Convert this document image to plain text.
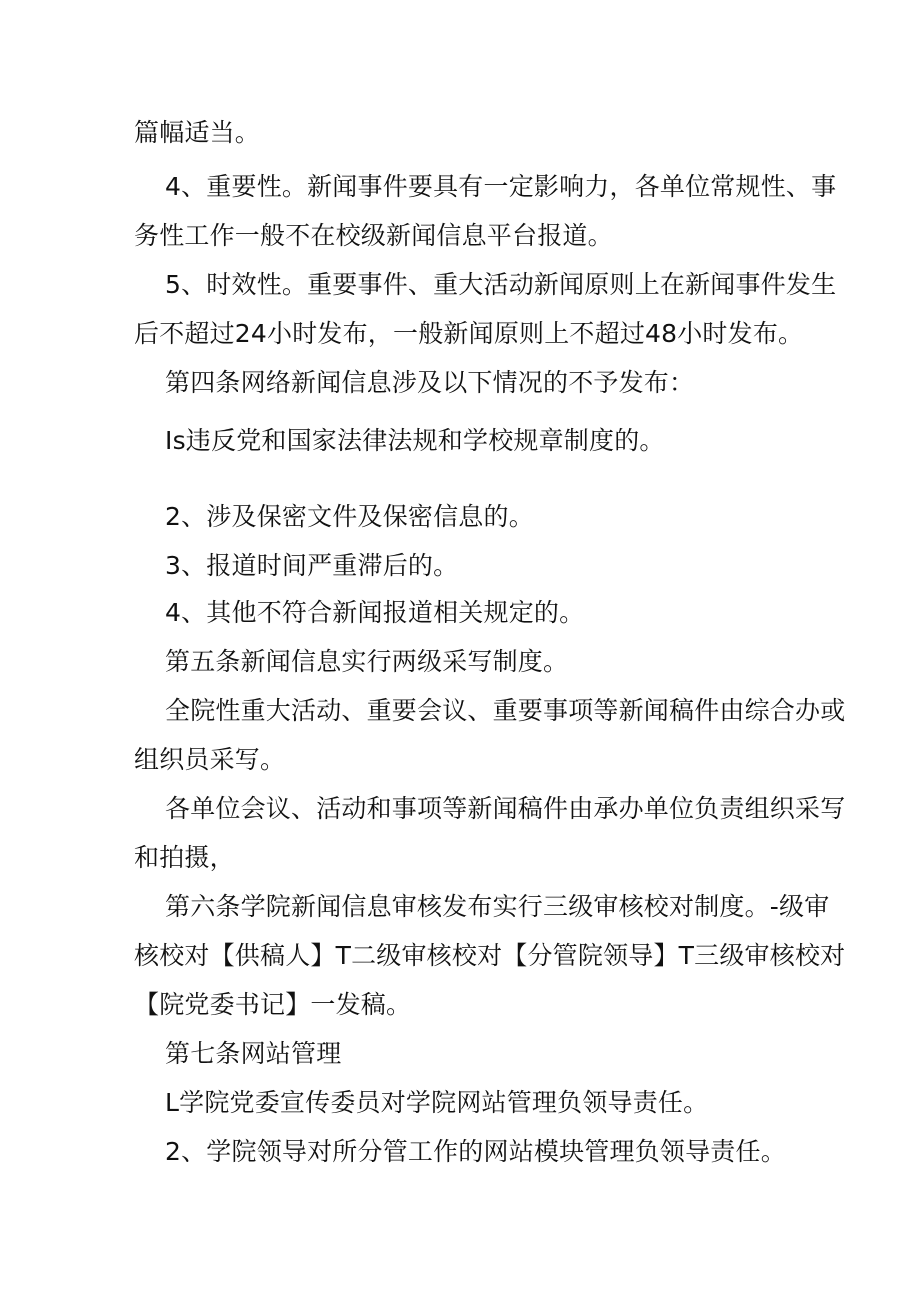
篇幅适当。
4、重要性。新闻事件要具有一定影响力，各单位常规性、事
务性工作一般不在校级新闻信息平台报道。
5、时效性。重要事件、重大活动新闻原则上在新闻事件发生
后不超过24小时发布，一般新闻原则上不超过48小时发布。
第四条网络新闻信息涉及以下情况的不予发布：
Is违反党和国家法律法规和学校规章制度的。
2、涉及保密文件及保密信息的。
3、报道时间严重滞后的。
4、其他不符合新闻报道相关规定的。
第五条新闻信息实行两级采写制度。
全院性重大活动、重要会议、重要事项等新闻稿件由综合办或
组织员采写。
各单位会议、活动和事项等新闻稿件由承办单位负责组织采写
和拍摄，
第六条学院新闻信息审核发布实行三级审核校对制度。-级审
核校对【供稿人】T二级审核校对【分管院领导】T三级审核校对
【院党委书记】一发稿。
第七条网站管理
L学院党委宣传委员对学院网站管理负领导责任。
2、学院领导对所分管工作的网站模块管理负领导责任。
